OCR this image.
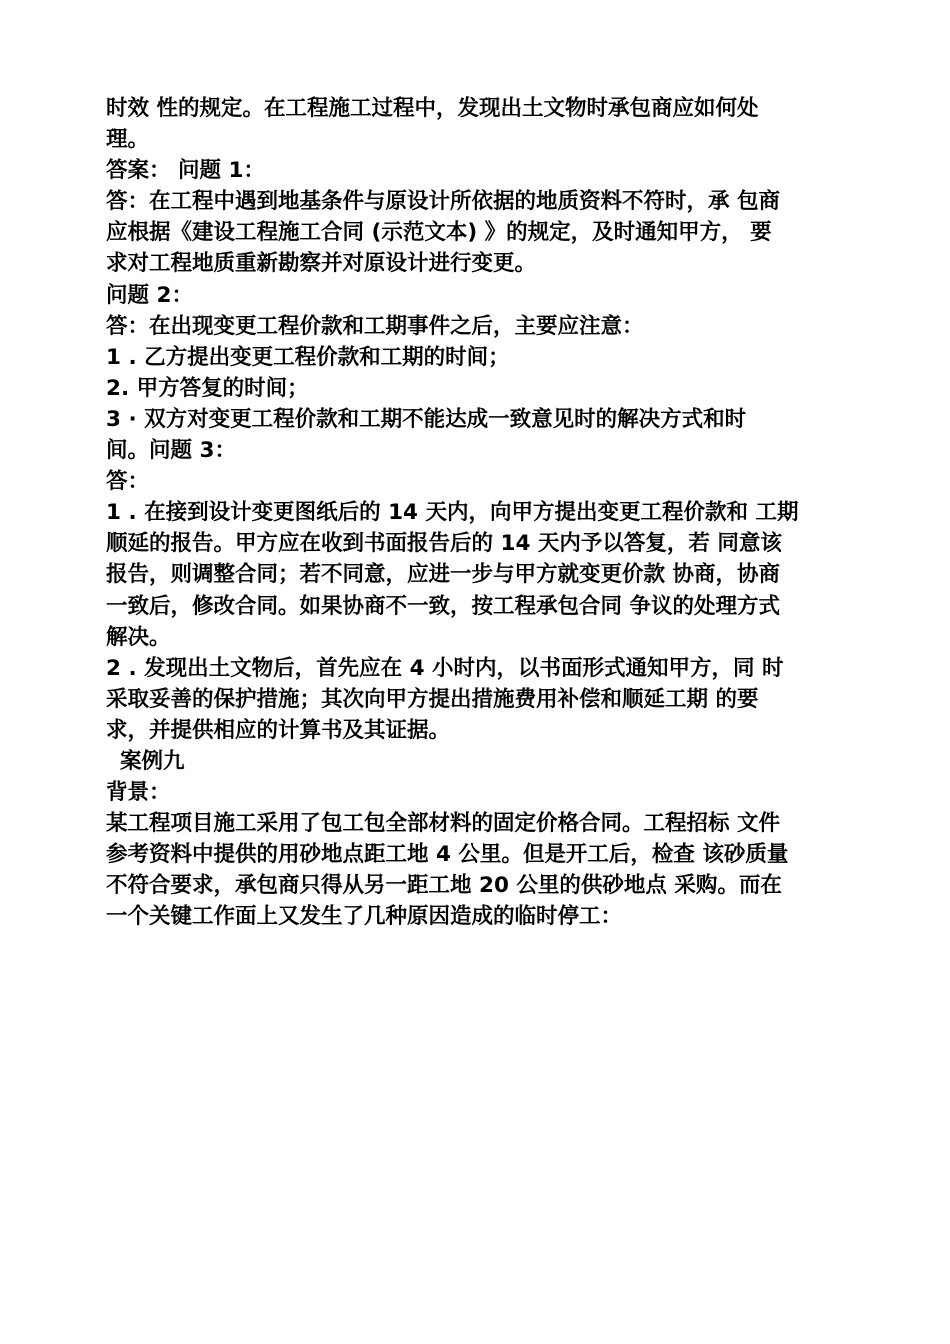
时效 性的规定。在工程施工过程中，发现出土文物时承包商应如何处
理。
答案： 问题 1：
答：在工程中遇到地基条件与原设计所依据的地质资料不符时，承 包商
应根据《建设工程施工合同 (示范文本) 》的规定，及时通知甲方， 要
求对工程地质重新勘察并对原设计进行变更。
问题 2：
答：在出现变更工程价款和工期事件之后，主要应注意：
1 . 乙方提出变更工程价款和工期的时间；
2. 甲方答复的时间；
3 · 双方对变更工程价款和工期不能达成一致意见时的解决方式和时
间。问题 3：
答：
1 . 在接到设计变更图纸后的 14 天内，向甲方提出变更工程价款和 工期
顺延的报告。甲方应在收到书面报告后的 14 天内予以答复，若 同意该
报告，则调整合同；若不同意，应进一步与甲方就变更价款 协商，协商
一致后，修改合同。如果协商不一致，按工程承包合同 争议的处理方式
解决。
2 . 发现出土文物后，首先应在 4 小时内，以书面形式通知甲方，同 时
采取妥善的保护措施；其次向甲方提出措施费用补偿和顺延工期 的要
求，并提供相应的计算书及其证据。
案例九
背景：
某工程项目施工采用了包工包全部材料的固定价格合同。工程招标 文件
参考资料中提供的用砂地点距工地 4 公里。但是开工后，检查 该砂质量
不符合要求，承包商只得从另一距工地 20 公里的供砂地点 采购。而在
一个关键工作面上又发生了几种原因造成的临时停工：
